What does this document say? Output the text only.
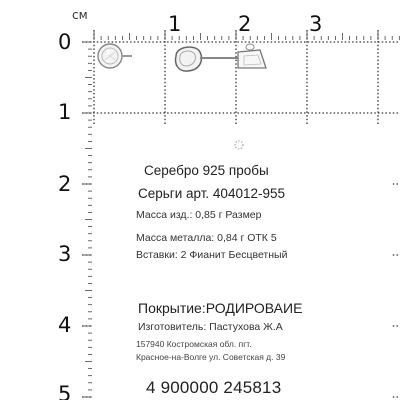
см	1	2	3
0
1
2
3
4
5
Серебро 925 пробы
Серьги арт. 404012-955
Масса изд.: 0,85 г Размер
Масса металла: 0,84 г ОТК 5
Вставки: 2 Фианит Бесцветный
Покрытие:РОДИРОВАИЕ
Изготовитель: Пастухова Ж.А
157940 Костромская обл. пгт.
Красное-на-Волге ул. Советская д. 39
4 900000 245813
